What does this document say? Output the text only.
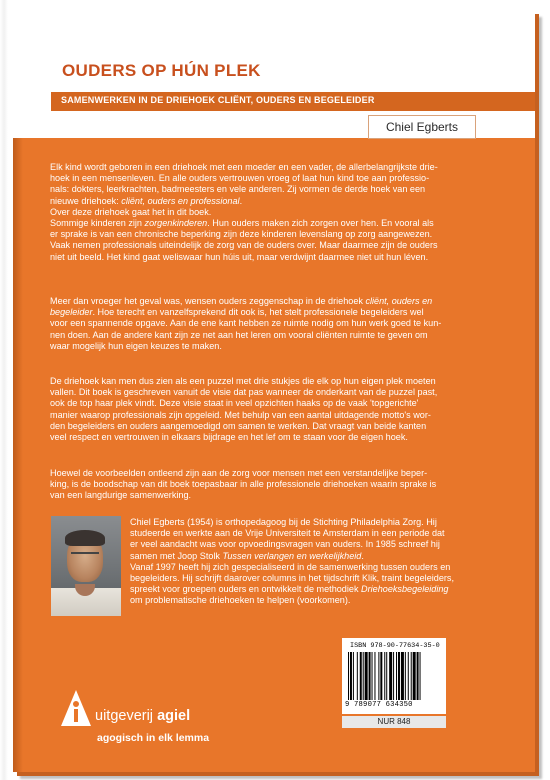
OUDERS OP HÚN PLEK
SAMENWERKEN IN DE DRIEHOEK CLIËNT, OUDERS EN BEGELEIDER
Chiel Egberts
Elk kind wordt geboren in een driehoek met een moeder en een vader, de allerbelangrijkste drie-
hoek in een mensenleven. En alle ouders vertrouwen vroeg of laat hun kind toe aan professio-
nals: dokters, leerkrachten, badmeesters en vele anderen. Zij vormen de derde hoek van een
nieuwe driehoek: cliënt, ouders en professional.
Over deze driehoek gaat het in dit boek.
Sommige kinderen zijn zorgenkinderen. Hun ouders maken zich zorgen over hen. En vooral als
er sprake is van een chronische beperking zijn deze kinderen levenslang op zorg aangewezen.
Vaak nemen professionals uiteindelijk de zorg van de ouders over. Maar daarmee zijn de ouders
niet uit beeld. Het kind gaat weliswaar hun húis uit, maar verdwijnt daarmee niet uit hun léven.
Meer dan vroeger het geval was, wensen ouders zeggenschap in de driehoek cliënt, ouders en
begeleider. Hoe terecht en vanzelfsprekend dit ook is, het stelt professionele begeleiders wel
voor een spannende opgave. Aan de ene kant hebben ze ruimte nodig om hun werk goed te kun-
nen doen. Aan de andere kant zijn ze net aan het leren om vooral cliënten ruimte te geven om
waar mogelijk hun eigen keuzes te maken.
De driehoek kan men dus zien als een puzzel met drie stukjes die elk op hun eigen plek moeten
vallen. Dit boek is geschreven vanuit de visie dat pas wanneer de onderkant van de puzzel past,
ook de top haar plek vindt. Deze visie staat in veel opzichten haaks op de vaak 'topgerichte'
manier waarop professionals zijn opgeleid. Met behulp van een aantal uitdagende motto's wor-
den begeleiders en ouders aangemoedigd om samen te werken. Dat vraagt van beide kanten
veel respect en vertrouwen in elkaars bijdrage en het lef om te staan voor de eigen hoek.
Hoewel de voorbeelden ontleend zijn aan de zorg voor mensen met een verstandelijke beper-
king, is de boodschap van dit boek toepasbaar in alle professionele driehoeken waarin sprake is
van een langdurige samenwerking.
Chiel Egberts (1954) is orthopedagoog bij de Stichting Philadelphia Zorg. Hij
studeerde en werkte aan de Vrije Universiteit te Amsterdam in een periode dat
er veel aandacht was voor opvoedingsvragen van ouders. In 1985 schreef hij
samen met Joop Stolk Tussen verlangen en werkelijkheid.
Vanaf 1997 heeft hij zich gespecialiseerd in de samenwerking tussen ouders en
begeleiders. Hij schrijft daarover columns in het tijdschrift Klik, traint begeleiders,
spreekt voor groepen ouders en ontwikkelt de methodiek Driehoeksbegeleiding
om problematische driehoeken te helpen (voorkomen).
uitgeverij agiel
agogisch in elk lemma
ISBN 978-90-77634-35-0
9 789077 634350
NUR 848
